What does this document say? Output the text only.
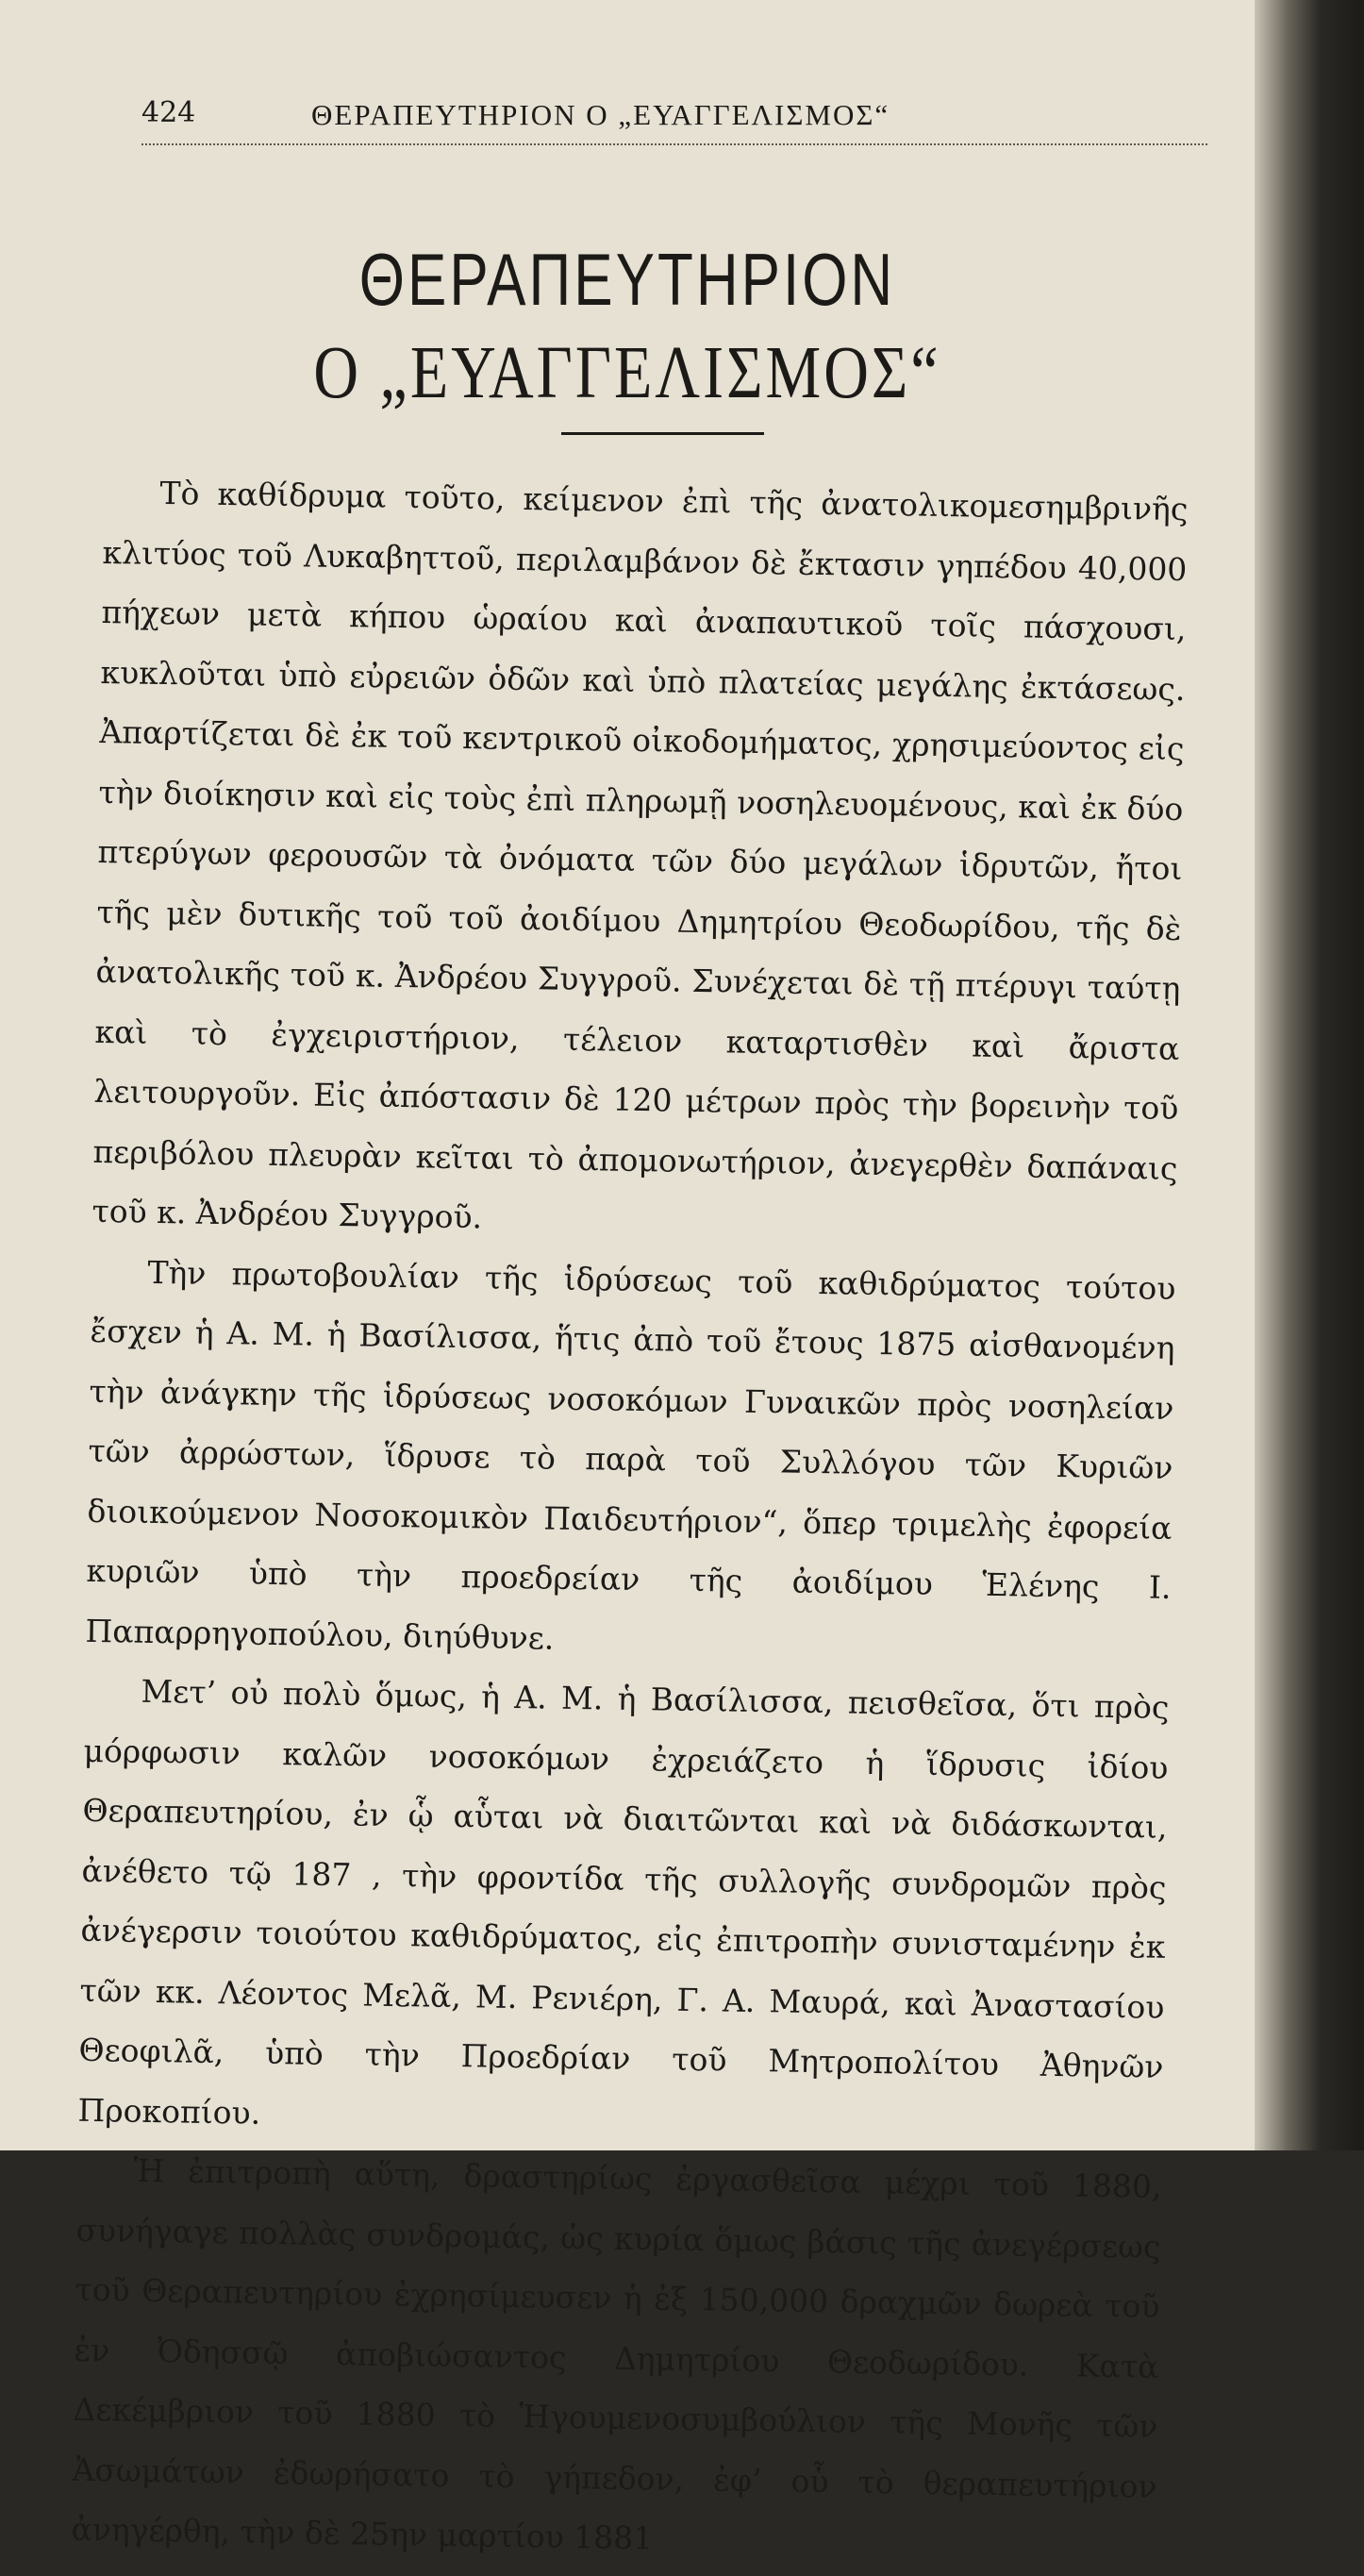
424	ΘΕΡΑΠΕΥΤΗΡΙΟΝ Ο „ΕΥΑΓΓΕΛΙΣΜΟΣ“
ΘΕΡΑΠΕΥΤΗΡΙΟΝ
Ο „ΕΥΑΓΓΕΛΙΣΜΟΣ“

Τὸ καθίδρυμα τοῦτο, κείμενον ἐπὶ τῆς ἀνατολικομεσημβρινῆς κλιτύος τοῦ Λυκαβηττοῦ, περιλαμβάνον δὲ ἔκτασιν γηπέδου 40,000 πήχεων μετὰ κήπου ὡραίου καὶ ἀναπαυτικοῦ τοῖς πάσχουσι, κυκλοῦται ὑπὸ εὐρειῶν ὁδῶν καὶ ὑπὸ πλατείας μεγάλης ἐκτάσεως. Ἀπαρτίζεται δὲ ἐκ τοῦ κεντρικοῦ οἰκοδομήματος, χρησιμεύοντος εἰς τὴν διοίκησιν καὶ εἰς τοὺς ἐπὶ πληρωμῇ νοσηλευομένους, καὶ ἐκ δύο πτερύγων φερουσῶν τὰ ὀνόματα τῶν δύο μεγάλων ἱδρυτῶν, ἤτοι τῆς μὲν δυτικῆς τοῦ τοῦ ἀοιδίμου Δημητρίου Θεοδωρίδου, τῆς δὲ ἀνατολικῆς τοῦ κ. Ἀνδρέου Συγγροῦ. Συνέχεται δὲ τῇ πτέρυγι ταύτῃ καὶ τὸ ἐγχειριστήριον, τέλειον καταρτισθὲν καὶ ἄριστα λειτουργοῦν. Εἰς ἀπόστασιν δὲ 120 μέτρων πρὸς τὴν βορεινὴν τοῦ περιβόλου πλευρὰν κεῖται τὸ ἀπομονωτήριον, ἀνεγερθὲν δαπάναις τοῦ κ. Ἀνδρέου Συγγροῦ.

Τὴν πρωτοβουλίαν τῆς ἱδρύσεως τοῦ καθιδρύματος τούτου ἔσχεν ἡ Α. Μ. ἡ Βασίλισσα, ἥτις ἀπὸ τοῦ ἔτους 1875 αἰσθανομένη τὴν ἀνάγκην τῆς ἱδρύσεως νοσοκόμων Γυναικῶν πρὸς νοσηλείαν τῶν ἀρρώστων, ἵδρυσε τὸ παρὰ τοῦ Συλλόγου τῶν Κυριῶν διοικούμενον Νοσοκομικὸν Παιδευτήριον“, ὅπερ τριμελὴς ἐφορεία κυριῶν ὑπὸ τὴν προεδρείαν τῆς ἀοιδίμου Ἑλένης Ι. Παπαρρηγοπούλου, διηύθυνε.

Μετ’ οὐ πολὺ ὅμως, ἡ Α. Μ. ἡ Βασίλισσα, πεισθεῖσα, ὅτι πρὸς μόρφωσιν καλῶν νοσοκόμων ἐχρειάζετο ἡ ἵδρυσις ἰδίου Θεραπευτηρίου, ἐν ᾧ αὗται νὰ διαιτῶνται καὶ νὰ διδάσκωνται, ἀνέθετο τῷ 187 , τὴν φροντίδα τῆς συλλογῆς συνδρομῶν πρὸς ἀνέγερσιν τοιούτου καθιδρύματος, εἰς ἐπιτροπὴν συνισταμένην ἐκ τῶν κκ. Λέοντος Μελᾶ, Μ. Ρενιέρη, Γ. Α. Μαυρά, καὶ Ἀναστασίου Θεοφιλᾶ, ὑπὸ τὴν Προεδρίαν τοῦ Μητροπολίτου Ἀθηνῶν Προκοπίου.

Ἡ ἐπιτροπὴ αὕτη, δραστηρίως ἐργασθεῖσα μέχρι τοῦ 1880, συνήγαγε πολλὰς συνδρομάς, ὡς κυρία ὅμως βάσις τῆς ἀνεγέρσεως τοῦ Θεραπευτηρίου ἐχρησίμευσεν ἡ ἐξ 150,000 δραχμῶν δωρεὰ τοῦ ἐν Ὀδησσῷ ἀποβιώσαντος Δημητρίου Θεοδωρίδου. Κατὰ Δεκέμβριον τοῦ 1880 τὸ Ἡγουμενοσυμβούλιον τῆς Μονῆς τῶν Ἀσωμάτων ἐδωρήσατο τὸ γήπεδον, ἐφ’ οὗ τὸ θεραπευτήριον ἀνηγέρθη, τὴν δὲ 25ην μαρτίου 1881
